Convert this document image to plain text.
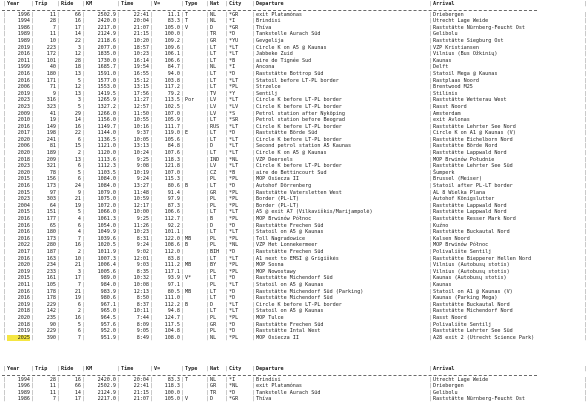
| Year	| Trip	| Ride	| KM	| Time	| V=	| Type	| Nat	| City	| Departure	| Arrival	|
|	1996 |	11 |	66 |	2502.9 |	22:41 |	11.1 | T	| NL	| *GR	| exit Platamónas	| Driebergen	|
|	1994 |	28 |	16 |	2420.0 |	20:04 |	83.3 | T	| NL	| *I	| Brindisi	| Utrecht Lage Weide	|
|	1986 |	7 |	17 |	2217.0 |	21:07 |	105.0 | V	| D	| *GR	| Thíva	| Raststätte Nürnberg-Feucht Ost	|
|	1989 |	11 |	14 |	2124.9 |	21:15 |	100.0 |	| TR	| *D	| Tankstelle Aurach Süd	| Gelibolu	|
|	1989 |	10 |	22 |	2118.6 |	10:20 |	109.2 |	| GR	| *YU	| Gevgelija	| Raststätte Siegburg Ost	|
|	2019 |	223 |	3 |	2077.0 |	18:57 |	109.6 |	| LT	| *LT	| Circle K on A5 @ Kaunas	| VZP Kristiansen	|
|	2016 |	172 |	12 |	1835.0 |	10:23 |	106.1 |	| LT	| *LT	| Jabbeke Zuid	| Vilnius (Bus Ožkinių)	|
|	2011 |	101 |	28 |	1730.0 |	16:14 |	106.6 |	| LT	| *B	| aire de Tignée Sud	| Kaunas	|
|	1999 |	40 |	18 |	1685.7 |	19:54 |	84.7 |	| NL	| *I	| Ancona	| Delft	|
|	2016 |	180 |	13 |	1591.0 |	16:55 |	94.0 |	| LT	| *D	| Raststätte Bottrop Süd	| Statoil Mega @ Kaunas	|
|	2016 |	171 |	5 |	1577.0 |	15:12 |	103.8 |	| LT	| *LT	| Statoil before LT-PL border	| Rastplaas Noord	|
|	2006 |	71 |	12 |	1553.0 |	13:15 |	117.2 |	| LT	| *PL	| Strzelce	| Brentwood M25	|
|	2019 |	9 |	13 |	1419.5 |	17:56 |	79.2 |	| TV	| *Y	| Sentilj	| Stilinis	|
|	2023 |	316 |	3 |	1265.9 |	11:27 |	113.5 | Por	| LV	| *LT	| Circle K before LT-PL border	| Raststätte Wetterau West	|
|	2023 |	323 |	5 |	1327.2 |	12:57 |	102.5 |	| LV	| *LV	| Circle K before LT-PL border	| Rasst Noord	|
|	2009 |	41 |	29 |	1266.0 |	11:50 |	107.0 |	| LV	| *S	| Petrol station after Nyköping	| Amsterdam	|
|	2010 |	19 |	14 |	1156.0 |	10:55 |	105.9 |	| LT	| *SR	| Petrol station before Beograd	| exit Avlonas	|
|	2016 |	149 |	16 |	1149.7 |	10:16 |	111.7 |	| RUS	| *LT	| Circle K before LT-PL border	| Raststätte Lehrter See Nord	|
|	2017 |	198 |	22 |	1144.0 |	9:37 |	119.0 | E	| LT	| *D	| Raststätte Börde Süd	| Circle K on A1 @ Kaunas (V)	|
|	2020 |	241 |	6 |	1136.5 |	10:05 |	105.6 |	| LT	| *LT	| Circle K before LT-PL border	| Raststätte Eichelborn Nord	|
|	2006 |	81 |	15 |	1121.0 |	13:13 |	84.8 |	| D	| *LT	| Second petrol station A5 Kaunas	| Raststätte Börde Nord	|
|	2020 |	189 |	2 |	1120.0 |	10:24 |	107.6 |	| LT	| *LT	| Circle K on A5 @ Kaunas	| Raststätte Lappwald Nord	|
|	2018 |	209 |	13 |	1113.6 |	9:25 |	118.3 |	| IND	| *NL	| VZP Deersels	| MOP Brwinów Południe	|
|	2023 |	321 |	6 |	1112.3 |	9:08 |	121.8 |	| LV	| *LT	| Circle K before LT-PL border	| Raststätte Lehrter See Süd	|
|	2020 |	78 |	5 |	1103.5 |	10:19 |	107.0 |	| CZ	| *B	| aire de Bettincourt Sud	| Šumperk	|
|	2015 |	156 |	6 |	1084.0 |	9:24 |	115.3 |	| PL	| *PL	| MOP Osiecza II	| Brussel (Meiser)	|
|	2016 |	173 |	24 |	1084.0 |	13:27 |	80.6 | B	| LT	| *D	| Autohof Dörrenberg	| Statoil after PL-LT border	|
|	2015 |	97 |	9 |	1079.0 |	11:48 |	91.4 |	| GR	| *PL	| Raststätte Vatersletten West	| AL 8 Wielka Plana	|
|	2023 |	303 |	21 |	1075.0 |	10:59 |	97.9 |	| PL	| *PL	| Border (PL-LT)	| Autohof Königslutter	|
|	2004 |	64 |	19 |	1072.0 |	12:17 |	87.3 |	| PL	| *PL	| Border (PL-LT)	| Raststätte Lappwald Nord	|
|	2015 |	151 |	5 |	1066.0 |	10:00 |	106.6 |	| LT	| *LT	| A5 @ exit A7 (Vilkaviškis/Marijampolė)	| Raststätte Lappwald Nord	|
|	2016 |	177 |	4 |	1061.3 |	9:25 |	112.7 |	| B	| *PL	| MOP Brwinów Północ	| Raststätte Resser Mark Nord	|
|	2016 |	65 |	6 |	1054.0 |	11:26 |	92.2 |	| D	| *D	| Raststätte Frechen Süd	| Kuźno	|
|	2016 |	180 |	4 |	1049.9 |	10:23 |	101.1 |	| LT	| *LT	| Statoil on A5 @ Kaunas	| Raststätte Buckautal Nord	|
|	2016 |	173 |	7 |	1039.6 |	8:31 |	122.0 | MB	| PL	| *PL	| Toll Nagradowice	| Kalsen Noord	|
|	2022 |	280 |	16 |	1020.5 |	9:24 |	108.6 | B	| PL	| *NL	| VZP Het Lonnekermeer	| MOP Brwinów Północ	|
|	2017 |	187 |	2 |	1011.9 |	9:02 |	112.0 |	| BIH	| *D	| Raststätte Frechen Süd	| Polivalište Sentilj	|
|	2016 |	163 |	10 |	1007.3 |	12:01 |	83.8 |	| LT	| *LT	| A1 next to EMSI @ Grigiškės	| Raststätte Biepperer Hellen Nord	|
|	2020 |	234 |	21 |	1006.4 |	9:03 |	111.2 | MB	| BY	| *PL	| MOP Sosna	| Vilnius (Autobusų stotis)	|
|	2019 |	233 |	3 |	1005.6 |	8:35 |	117.1 |	| PL	| *PL	| MOP Nowostawy	| Vilnius (Autobusų stotis)	|
|	2015 |	161 |	17 |	989.0 |	10:32 |	93.9 | V*	| LT	| *D	| Raststätte Michendorf Süd	| Kaunas (Autobusų stotis)	|
|	2011 |	105 |	7 |	984.0 |	10:08 |	97.1 |	| PL	| *LT	| Statoil on A5 @ Kaunas	| Kaunas	|
|	2016 |	178 |	21 |	983.9 |	12:13 |	80.5 | MB	| LT	| *D	| Raststätte Michendorf Süd (Parking)	| Statoil on A1 @ Kaunas (V)	|
|	2016 |	178 |	19 |	980.6 |	8:50 |	111.0 |	| LT	| *D	| Raststätte Michendorf Süd	| Kaunas (Parking Mega)	|
|	2019 |	229 |	6 |	967.1 |	8:37 |	112.2 | B	| D	| *LT	| Circle K before LT-PL border	| Raststätte Buckautal Nord	|
|	2018 |	142 |	2 |	965.0 |	10:11 |	94.8 |	| LT	| *LT	| Statoil on A5 @ Kaunas	| Raststätte Michendorf Nord	|
|	2020 |	235 |	16 |	964.5 |	7:44 |	124.7 |	| PL	| *PL	| MOP Tulce	| Rasst Noord	|
|	2018 |	90 |	5 |	957.6 |	8:09 |	117.5 |	| GR	| *D	| Raststätte Frechen Süd	| Polivalište Sentilj	|
|	2019 |	229 |	6 |	952.0 |	9:05 |	104.8 |	| PL	| *D	| Raststätte Intal West	| Raststätte Lehrter See Süd	|
|	2025 |	390 |	7 |	951.9 |	8:49 |	108.0 |	| NL	| *PL	| MOP Osiecza II	| A28 exit 2 (Utrecht Science Park)	|
| Year	| Trip	| Ride	| KM	| Time	| V=	| Type	| Nat	| City	| Departure	| Arrival	|
|	1994 |	28 |	16 |	2420.0 |	20:04 |	83.3 | T	| NL	| *I	| Brindisi	| Utrecht Lage Weide	|
|	1996 |	11 |	66 |	2502.9 |	22:41 |	118.3 |	| GR	| *NL	| exit Platamónas	| Driebergen	|
|	1989 |	11 |	14 |	2124.9 |	21:15 |	100.0 |	| TR	| *D	| Tankstelle Aurach Süd	| Gelibolu	|
|	1986 |	7 |	17 |	2217.0 |	21:07 |	105.0 | V	| D	| *GR	| Thíva	| Raststätte Nürnberg-Feucht Ost	|
